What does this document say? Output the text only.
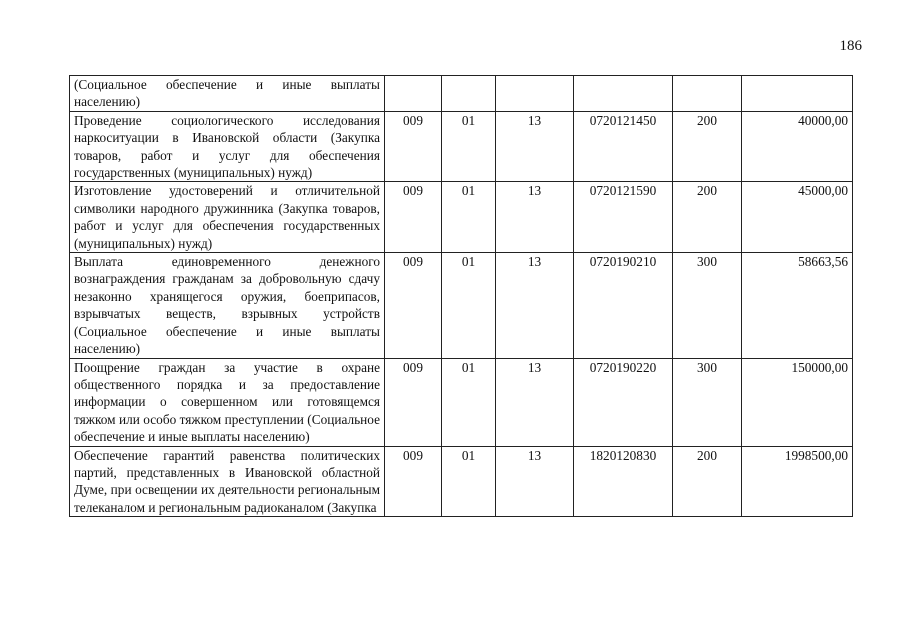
186
(Социальное обеспечение и иные выплаты населению)						
Проведение социологического исследования наркоситуации в Ивановской области (Закупка товаров, работ и услуг для обеспечения государственных (муниципальных) нужд)	009	01	13	0720121450	200	40000,00
Изготовление удостоверений и отличительной символики народного дружинника (Закупка товаров, работ и услуг для обеспечения государственных (муниципальных) нужд)	009	01	13	0720121590	200	45000,00
Выплата единовременного денежного вознаграждения гражданам за добровольную сдачу незаконно хранящегося оружия, боеприпасов, взрывчатых веществ, взрывных устройств (Социальное обеспечение и иные выплаты населению)	009	01	13	0720190210	300	58663,56
Поощрение граждан за участие в охране общественного порядка и за предоставление информации о совершенном или готовящемся тяжком или особо тяжком преступлении (Социальное обеспечение и иные выплаты населению)	009	01	13	0720190220	300	150000,00
Обеспечение гарантий равенства политических партий, представленных в Ивановской областной Думе, при освещении их деятельности региональным телеканалом и региональным радиоканалом (Закупка	009	01	13	1820120830	200	1998500,00
